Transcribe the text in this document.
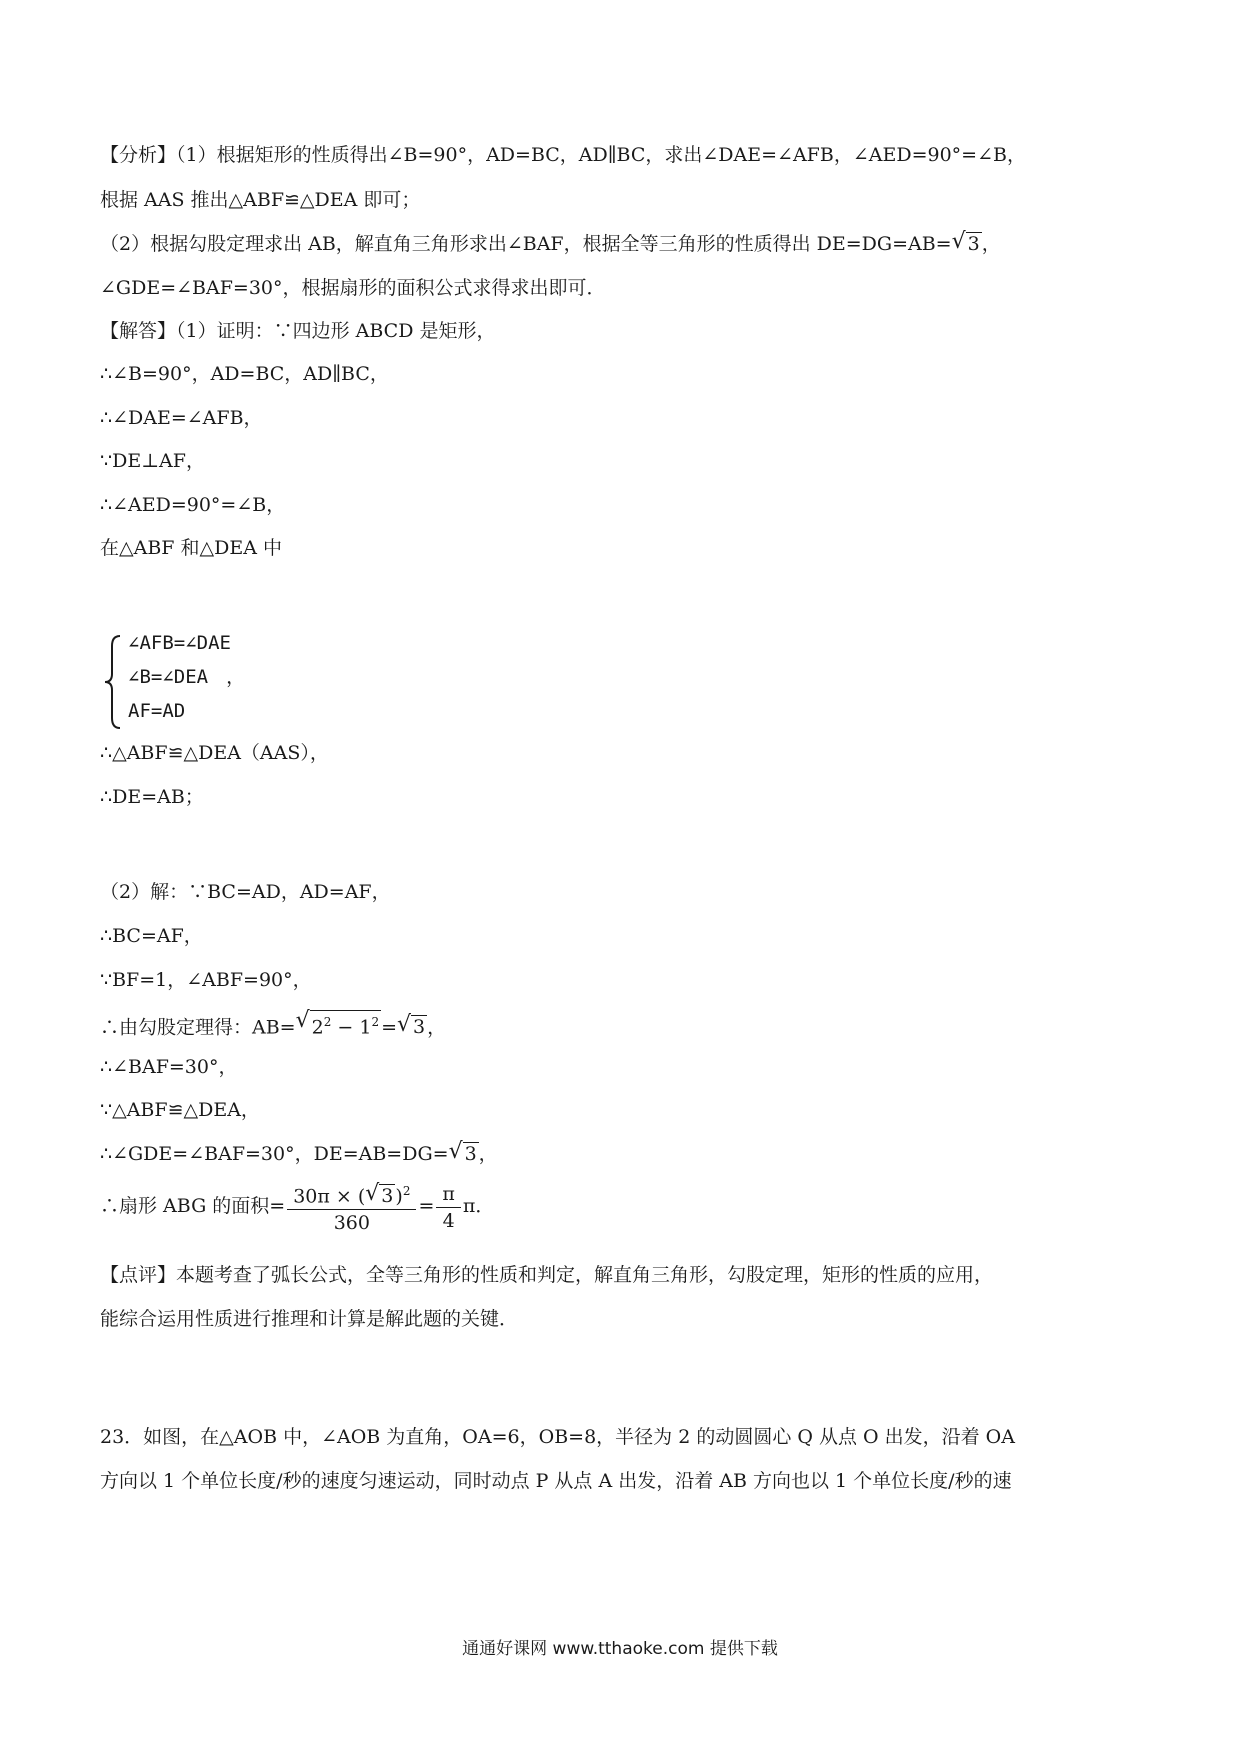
【分析】（1）根据矩形的性质得出∠B=90°，AD=BC，AD∥BC，求出∠DAE=∠AFB，∠AED=90°=∠B，
根据 AAS 推出△ABF≌△DEA 即可；
（2）根据勾股定理求出 AB，解直角三角形求出∠BAF，根据全等三角形的性质得出 DE=DG=AB= √ 3 ，
∠GDE=∠BAF=30°，根据扇形的面积公式求得求出即可．
【解答】（1）证明：∵四边形 ABCD 是矩形，
∴∠B=90°，AD=BC，AD∥BC，
∴∠DAE=∠AFB，
∵DE⊥AF，
∴∠AED=90°=∠B，
在△ABF 和△DEA 中
∠AFB=∠DAE
∠B=∠DEA ，
AF=AD
∴△ABF≌△DEA（AAS），
∴DE=AB；
（2）解：∵BC=AD，AD=AF，
∴BC=AF，
∵BF=1，∠ABF=90°，
∴由勾股定理得：AB= √ $2^2 - 1^2$ = √ 3 ，
∴∠BAF=30°，
∵△ABF≌△DEA，
∴∠GDE=∠BAF=30°，DE=AB=DG= √ 3 ，
∴扇形 ABG 的面积= $\frac{30\pi \times ( √ 3 )^2}{360} = \frac{\pi}{4}$ π．
【点评】本题考查了弧长公式，全等三角形的性质和判定，解直角三角形，勾股定理，矩形的性质的应用，
能综合运用性质进行推理和计算是解此题的关键．
23．如图，在△AOB 中，∠AOB 为直角，OA=6，OB=8，半径为 2 的动圆圆心 Q 从点 O 出发，沿着 OA
方向以 1 个单位长度/秒的速度匀速运动，同时动点 P 从点 A 出发，沿着 AB 方向也以 1 个单位长度/秒的速
通通好课网 www.tthaoke.com 提供下载
